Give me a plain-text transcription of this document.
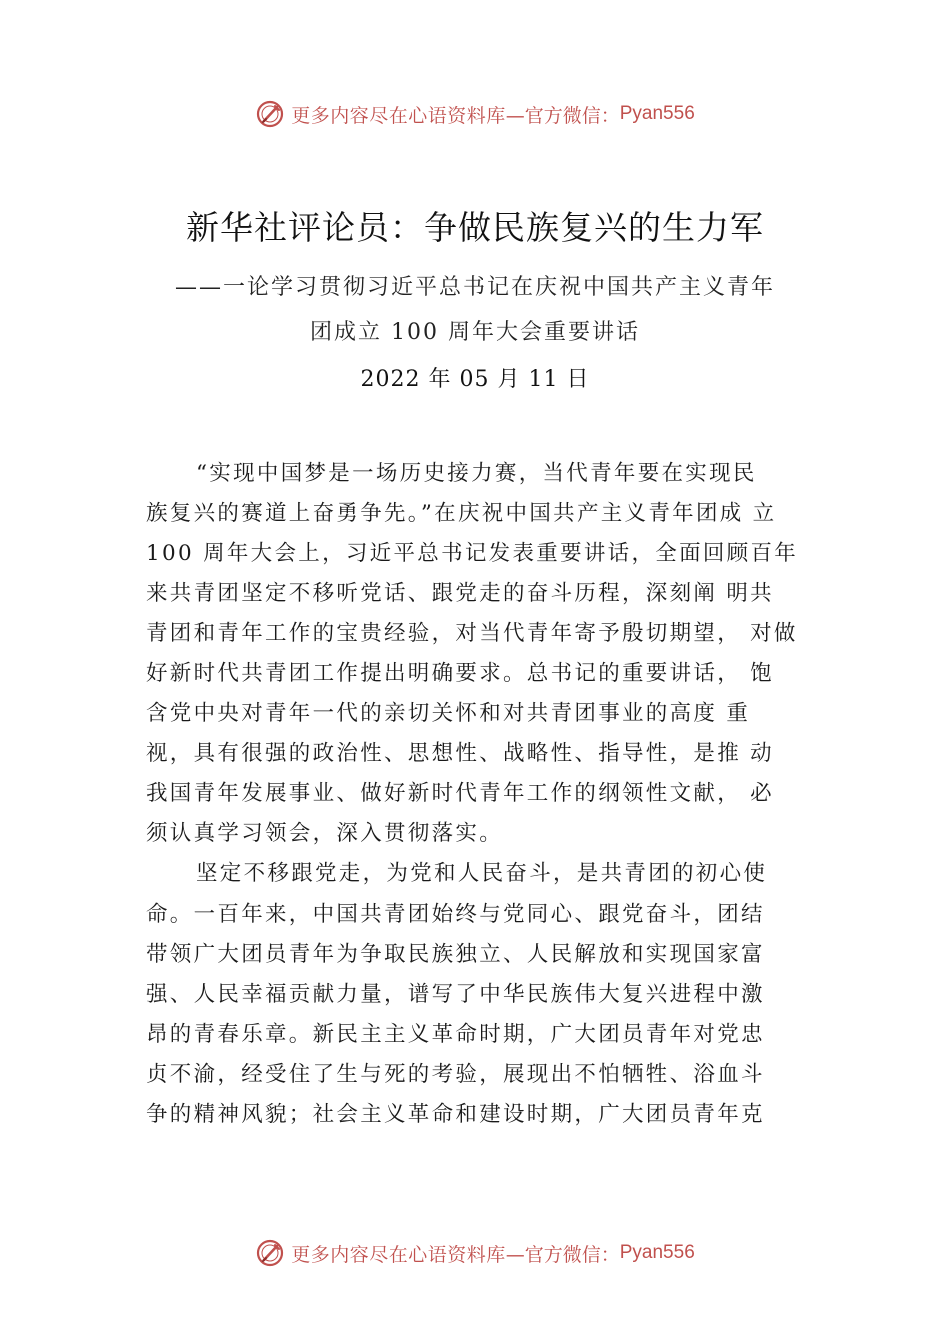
更多内容尽在心语资料库 —官方微信： Pyan556
新华社评论员：争做民族复兴的生力军
——一论学习贯彻习近平总书记在庆祝中国共产主义青年
团成立 100 周年大会重要讲话
2022 年 05 月 11 日
“实现中国梦是一场历史接力赛，当代青年要在实现民
族复兴的赛道上奋勇争先。”在庆祝中国共产主义青年团成 立
100 周年大会上，习近平总书记发表重要讲话，全面回顾百年
来共青团坚定不移听党话、跟党走的奋斗历程，深刻阐 明共
青团和青年工作的宝贵经验，对当代青年寄予殷切期望， 对做
好新时代共青团工作提出明确要求。总书记的重要讲话， 饱
含党中央对青年一代的亲切关怀和对共青团事业的高度 重
视，具有很强的政治性、思想性、战略性、指导性，是推 动
我国青年发展事业、做好新时代青年工作的纲领性文献， 必
须认真学习领会，深入贯彻落实。
坚定不移跟党走，为党和人民奋斗，是共青团的初心使
命。一百年来，中国共青团始终与党同心、跟党奋斗，团结
带领广大团员青年为争取民族独立、人民解放和实现国家富
强、人民幸福贡献力量，谱写了中华民族伟大复兴进程中激
昂的青春乐章。新民主主义革命时期，广大团员青年对党忠
贞不渝，经受住了生与死的考验，展现出不怕牺牲、浴血斗
争的精神风貌；社会主义革命和建设时期，广大团员青年克
更多内容尽在心语资料库 —官方微信： Pyan556
